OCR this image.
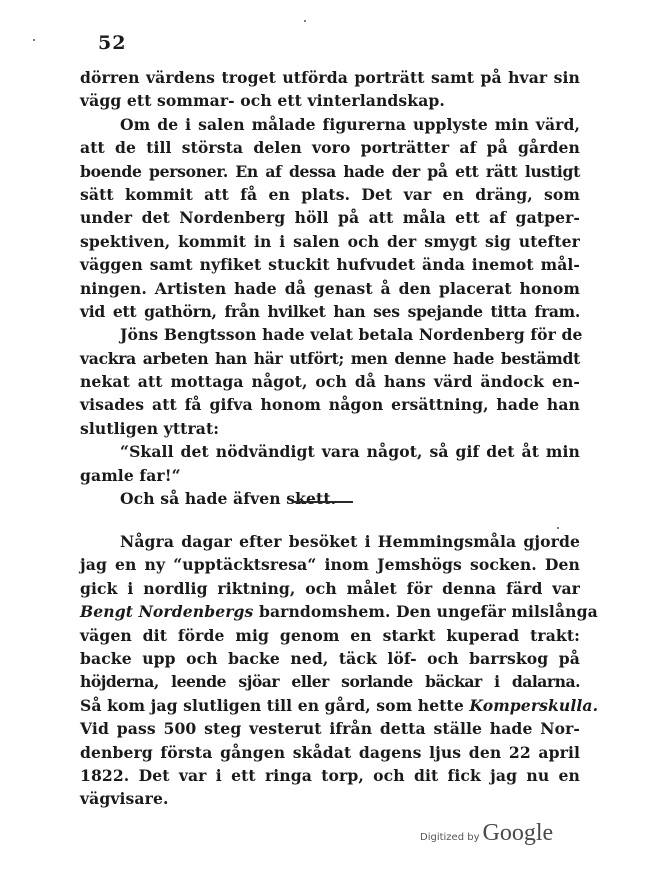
52
dörren värdens troget utförda porträtt samt på hvar sin
vägg ett sommar- och ett vinterlandskap.
Om de i salen målade figurerna upplyste min värd,
att de till största delen voro porträtter af på gården
boende personer. En af dessa hade der på ett rätt lustigt
sätt kommit att få en plats. Det var en dräng, som
under det Nordenberg höll på att måla ett af gatper-
spektiven, kommit in i salen och der smygt sig utefter
väggen samt nyfiket stuckit hufvudet ända inemot mål-
ningen. Artisten hade då genast å den placerat honom
vid ett gathörn, från hvilket han ses spejande titta fram.
Jöns Bengtsson hade velat betala Nordenberg för de
vackra arbeten han här utfört; men denne hade bestämdt
nekat att mottaga något, och då hans värd ändock en-
visades att få gifva honom någon ersättning, hade han
slutligen yttrat:
“Skall det nödvändigt vara något, så gif det åt min
gamle far!“
Och så hade äfven skett.
Några dagar efter besöket i Hemmingsmåla gjorde
jag en ny “upptäcktsresa“ inom Jemshögs socken. Den
gick i nordlig riktning, och målet för denna färd var
Bengt Nordenbergs barndomshem. Den ungefär milslånga
vägen dit förde mig genom en starkt kuperad trakt:
backe upp och backe ned, täck löf- och barrskog på
höjderna, leende sjöar eller sorlande bäckar i dalarna.
Så kom jag slutligen till en gård, som hette Komperskulla.
Vid pass 500 steg vesterut ifrån detta ställe hade Nor-
denberg första gången skådat dagens ljus den 22 april
1822. Det var i ett ringa torp, och dit fick jag nu en
vägvisare.
Digitized by Google
